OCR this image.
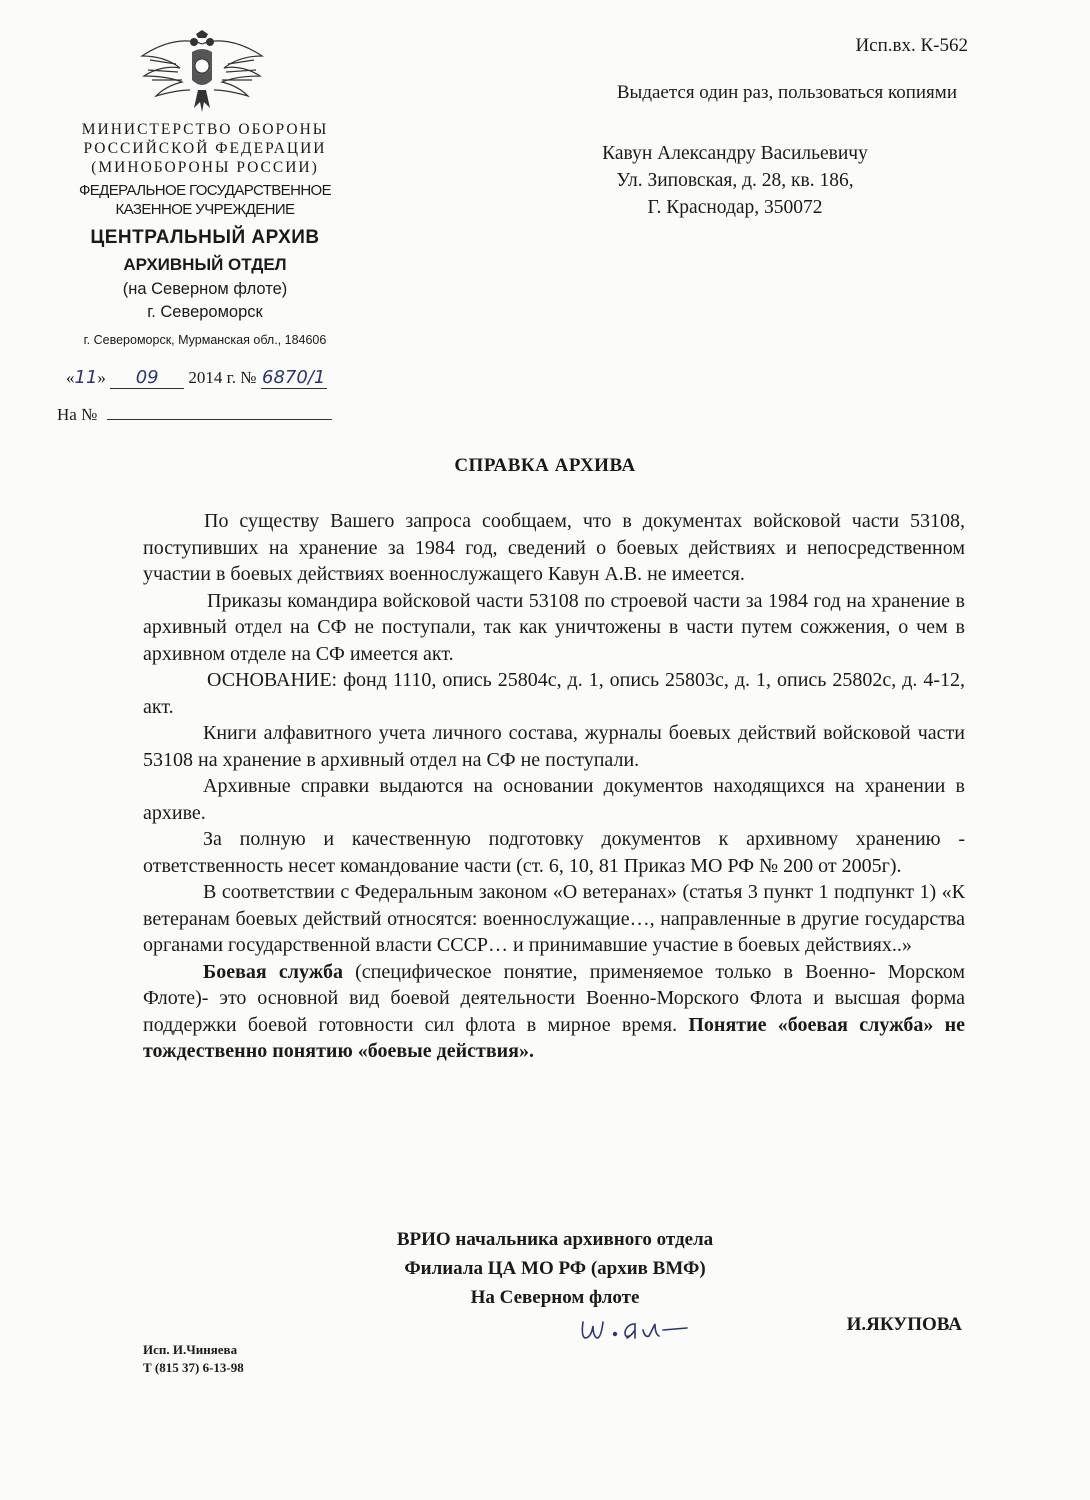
МИНИСТЕРСТВО ОБОРОНЫ
РОССИЙСКОЙ ФЕДЕРАЦИИ
(МИНОБОРОНЫ РОССИИ)
ФЕДЕРАЛЬНОЕ ГОСУДАРСТВЕННОЕ
КАЗЕННОЕ УЧРЕЖДЕНИЕ
ЦЕНТРАЛЬНЫЙ АРХИВ
АРХИВНЫЙ ОТДЕЛ
(на Северном флоте)
г. Североморск
г. Североморск, Мурманская обл., 184606
«11» 09 2014 г. № 6870/1
На №
Исп.вх. К-562
Выдается один раз, пользоваться копиями
Кавун Александру Васильевичу
Ул. Зиповская, д. 28, кв. 186,
Г. Краснодар, 350072
СПРАВКА АРХИВА

По существу Вашего запроса сообщаем, что в документах войсковой части 53108, поступивших на хранение за 1984 год, сведений о боевых действиях и непосредственном участии в боевых действиях военнослужащего Кавун А.В. не имеется.

Приказы командира войсковой части 53108 по строевой части за 1984 год на хранение в архивный отдел на СФ не поступали, так как уничтожены в части путем сожжения, о чем в архивном отделе на СФ имеется акт.

ОСНОВАНИЕ: фонд 1110, опись 25804с, д. 1, опись 25803с, д. 1, опись 25802с, д. 4-12, акт.

Книги алфавитного учета личного состава, журналы боевых действий войсковой части 53108 на хранение в архивный отдел на СФ не поступали.

Архивные справки выдаются на основании документов находящихся на хранении в архиве.

За полную и качественную подготовку документов к архивному хранению - ответственность несет командование части (ст. 6, 10, 81 Приказ МО РФ № 200 от 2005г).

В соответствии с Федеральным законом «О ветеранах» (статья 3 пункт 1 подпункт 1) «К ветеранам боевых действий относятся: военнослужащие…, направленные в другие государства органами государственной власти СССР… и принимавшие участие в боевых действиях..»

Боевая служба (специфическое понятие, применяемое только в Военно- Морском Флоте)- это основной вид боевой деятельности Военно-Морского Флота и высшая форма поддержки боевой готовности сил флота в мирное время. Понятие «боевая служба» не тождественно понятию «боевые действия».

ВРИО начальника архивного отдела
Филиала ЦА МО РФ (архив ВМФ)
На Северном флоте
И. Як-
И.ЯКУПОВА
Исп. И.Чиняева
Т (815 37) 6-13-98
